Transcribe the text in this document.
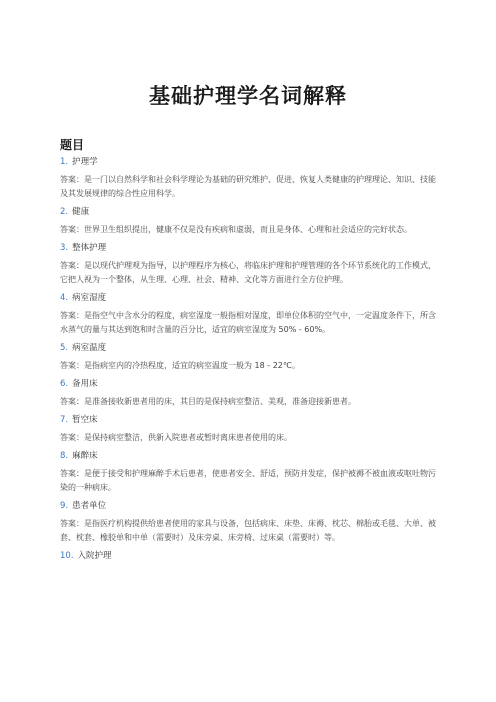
基础护理学名词解释
题目

1. 护理学

答案：是一门以自然科学和社会科学理论为基础的研究维护、促进、恢复人类健康的护理理论、知识、技能及其发展规律的综合性应用科学。

2. 健康

答案：世界卫生组织提出，健康不仅是没有疾病和虚弱，而且是身体、心理和社会适应的完好状态。

3. 整体护理

答案：是以现代护理观为指导，以护理程序为核心，将临床护理和护理管理的各个环节系统化的工作模式，它把人视为一个整体，从生理、心理、社会、精神、文化等方面进行全方位护理。

4. 病室湿度

答案：是指空气中含水分的程度，病室湿度一般指相对湿度，即单位体积的空气中，一定温度条件下，所含水蒸气的量与其达到饱和时含量的百分比，适宜的病室湿度为 50% - 60%。

5. 病室温度

答案：是指病室内的冷热程度，适宜的病室温度一般为 18 - 22℃。

6. 备用床

答案：是准备接收新患者用的床，其目的是保持病室整洁、美观，准备迎接新患者。

7. 暂空床

答案：是保持病室整洁，供新入院患者或暂时离床患者使用的床。

8. 麻醉床

答案：是便于接受和护理麻醉手术后患者，使患者安全、舒适，预防并发症，保护被褥不被血液或呕吐物污染的一种病床。

9. 患者单位

答案：是指医疗机构提供给患者使用的家具与设备，包括病床、床垫、床褥、枕芯、棉胎或毛毯、大单、被套、枕套、橡胶单和中单（需要时）及床旁桌、床旁椅、过床桌（需要时）等。

10. 入院护理
